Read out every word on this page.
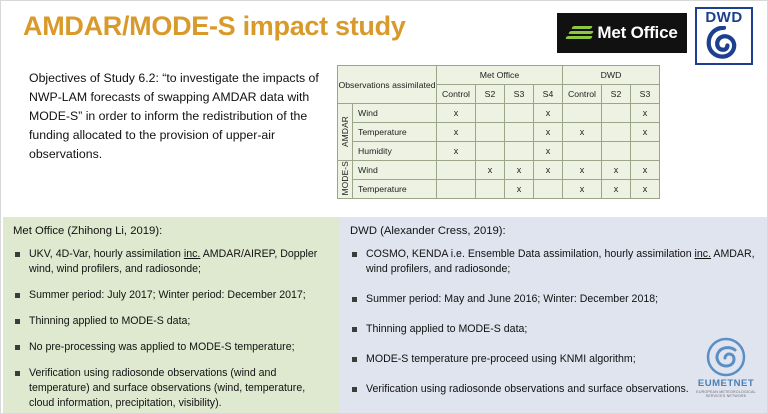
AMDAR/MODE-S impact study	Met Office
DWD
Objectives of Study 6.2: “to investigate the impacts of NWP-LAM forecasts of swapping AMDAR data with MODE-S” in order to inform the redistribution of the funding allocated to the provision of upper-air observations.
Observations assimilated		Met Office				DWD		
		Control	S2	S3	S4	Control	S2	S3
AMDAR	Wind	x			x			x
	Temperature	x			x	x		x
	Humidity	x			x			
MODE-S	Wind		x	x	x	x	x	x
	Temperature			x		x	x	x
Met Office (Zhihong Li, 2019):
UKV, 4D-Var, hourly assimilation inc. AMDAR/AIREP, Doppler wind, wind profilers, and radiosonde;
Summer period: July 2017; Winter period: December 2017;
Thinning applied to MODE-S data;
No pre-processing was applied to MODE-S temperature;
Verification using radiosonde observations (wind and temperature) and surface observations (wind, temperature, cloud information, precipitation, visibility).
DWD (Alexander Cress, 2019):
COSMO, KENDA i.e. Ensemble Data assimilation, hourly assimilation inc. AMDAR, wind profilers, and radiosonde;
Summer period: May and June 2016; Winter: December 2018;
Thinning applied to MODE-S data;
MODE-S temperature pre-proceed using KNMI algorithm;
Verification using radiosonde observations and surface observations. EUMETNET
EUROPEAN METEOROLOGICAL SERVICES NETWORK
